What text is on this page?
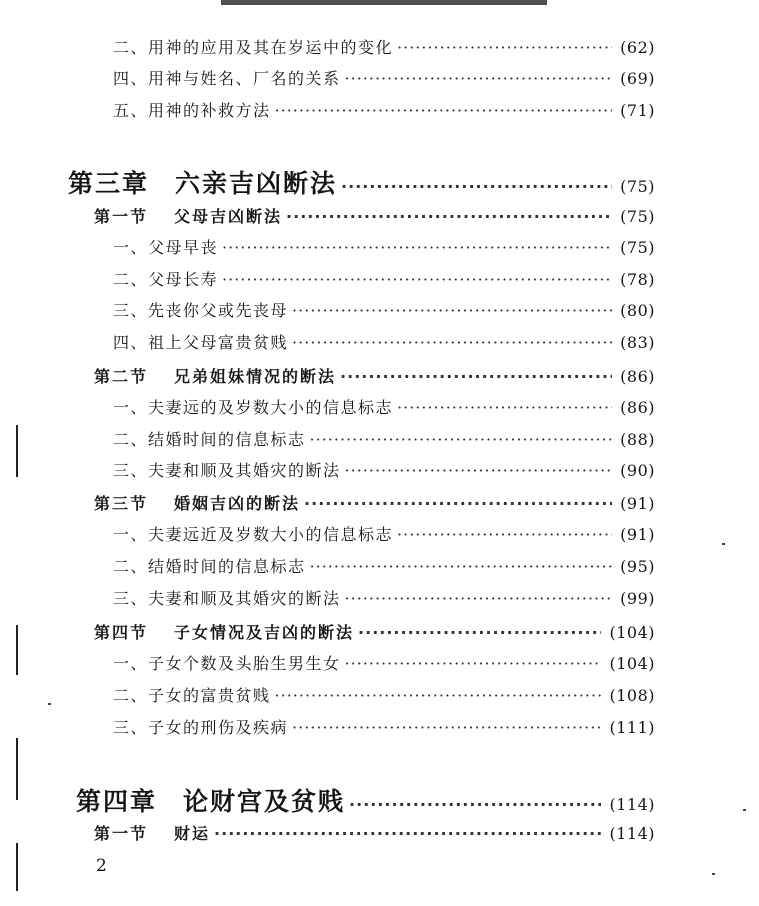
二、用神的应用及其在岁运中的变化 ·····	(62)
四、用神与姓名、厂名的关系 ·····	(69)
五、用神的补救方法 ·····	(71)
第三章 六亲吉凶断法 ·····	(75)
第一节 父母吉凶断法 ·····	(75)
一、父母早丧 ·····	(75)
二、父母长寿 ·····	(78)
三、先丧你父或先丧母 ·····	(80)
四、祖上父母富贵贫贱 ·····	(83)
第二节 兄弟姐妹情况的断法 ·····	(86)
一、夫妻远的及岁数大小的信息标志 ·····	(86)
二、结婚时间的信息标志 ·····	(88)
三、夫妻和顺及其婚灾的断法 ·····	(90)
第三节 婚姻吉凶的断法 ·····	(91)
一、夫妻远近及岁数大小的信息标志 ·····	(91)
二、结婚时间的信息标志 ·····	(95)
三、夫妻和顺及其婚灾的断法 ·····	(99)
第四节 子女情况及吉凶的断法 ·····	(104)
一、子女个数及头胎生男生女 ·····	(104)
二、子女的富贵贫贱 ·····	(108)
三、子女的刑伤及疾病 ·····	(111)
第四章 论财宫及贫贱 ·····	(114)
第一节 财运 ·····	(114)
2
